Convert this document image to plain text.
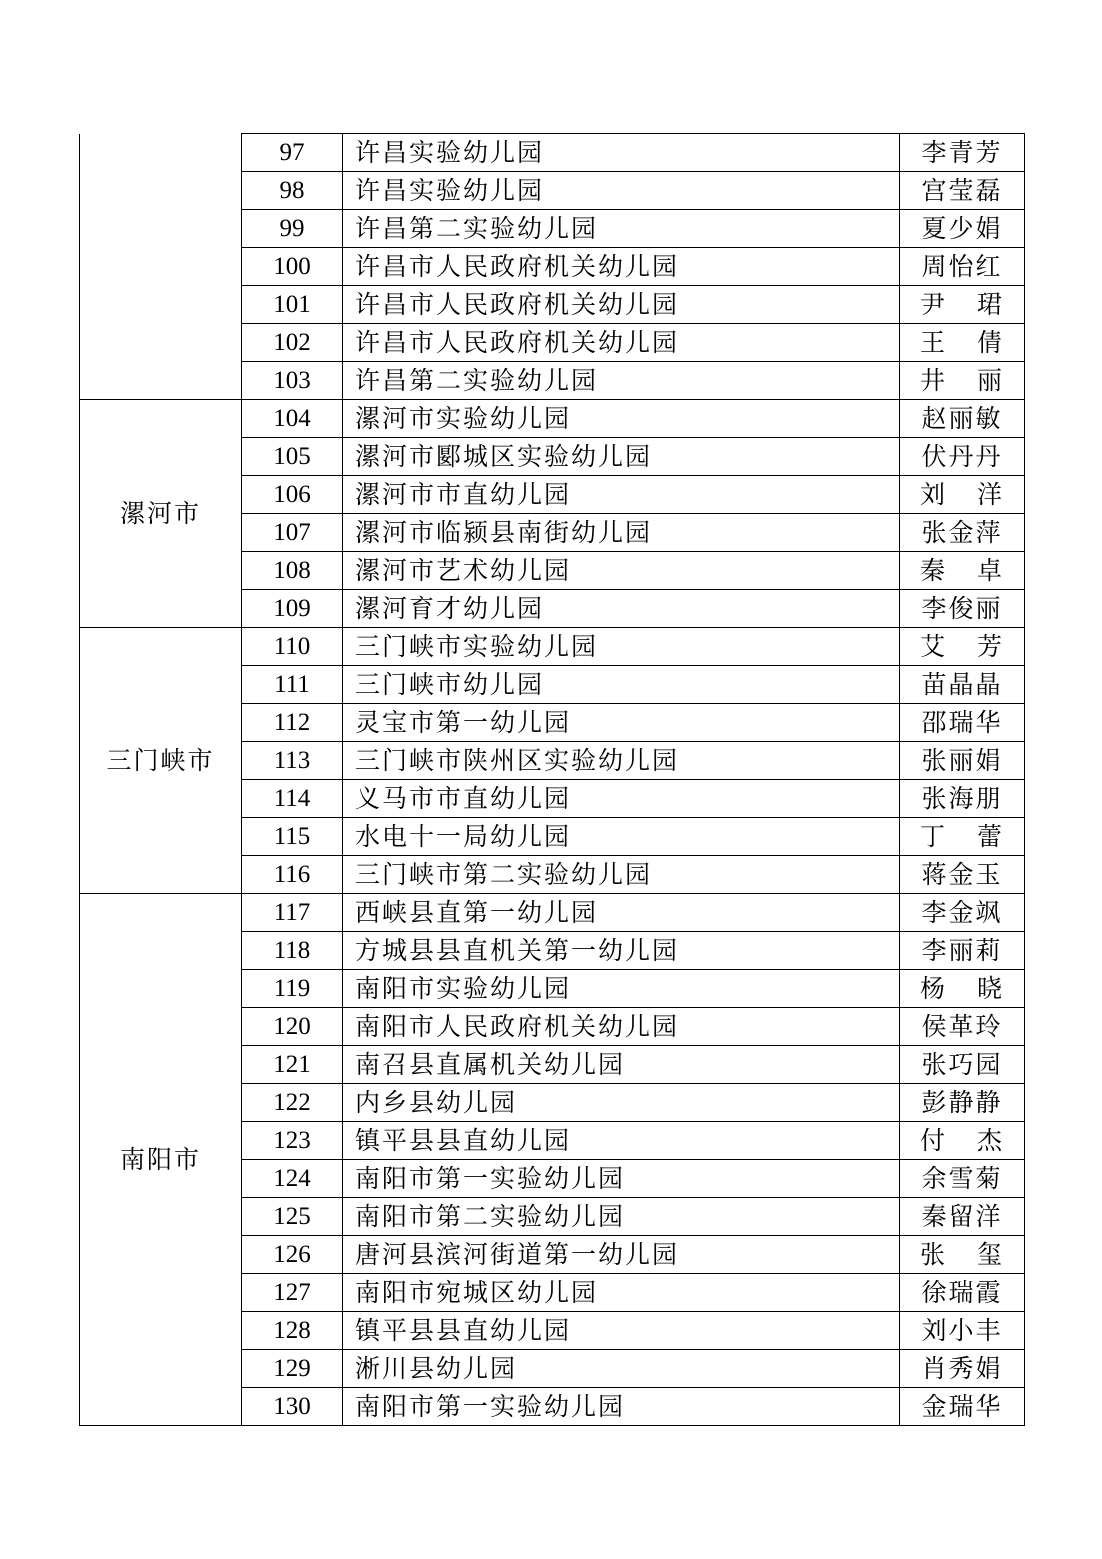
	97	许昌实验幼儿园	李青芳
	98	许昌实验幼儿园	宫莹磊
	99	许昌第二实验幼儿园	夏少娟
	100	许昌市人民政府机关幼儿园	周怡红
	101	许昌市人民政府机关幼儿园	尹　珺
	102	许昌市人民政府机关幼儿园	王　倩
	103	许昌第二实验幼儿园	井　丽
漯河市	104	漯河市实验幼儿园	赵丽敏
	105	漯河市郾城区实验幼儿园	伏丹丹
	106	漯河市市直幼儿园	刘　洋
	107	漯河市临颍县南街幼儿园	张金萍
	108	漯河市艺术幼儿园	秦　卓
	109	漯河育才幼儿园	李俊丽
三门峡市	110	三门峡市实验幼儿园	艾　芳
	111	三门峡市幼儿园	苗晶晶
	112	灵宝市第一幼儿园	邵瑞华
	113	三门峡市陕州区实验幼儿园	张丽娟
	114	义马市市直幼儿园	张海朋
	115	水电十一局幼儿园	丁　蕾
	116	三门峡市第二实验幼儿园	蒋金玉
南阳市	117	西峡县直第一幼儿园	李金飒
	118	方城县县直机关第一幼儿园	李丽莉
	119	南阳市实验幼儿园	杨　晓
	120	南阳市人民政府机关幼儿园	侯革玲
	121	南召县直属机关幼儿园	张巧园
	122	内乡县幼儿园	彭静静
	123	镇平县县直幼儿园	付　杰
	124	南阳市第一实验幼儿园	余雪菊
	125	南阳市第二实验幼儿园	秦留洋
	126	唐河县滨河街道第一幼儿园	张　玺
	127	南阳市宛城区幼儿园	徐瑞霞
	128	镇平县县直幼儿园	刘小丰
	129	淅川县幼儿园	肖秀娟
	130	南阳市第一实验幼儿园	金瑞华
